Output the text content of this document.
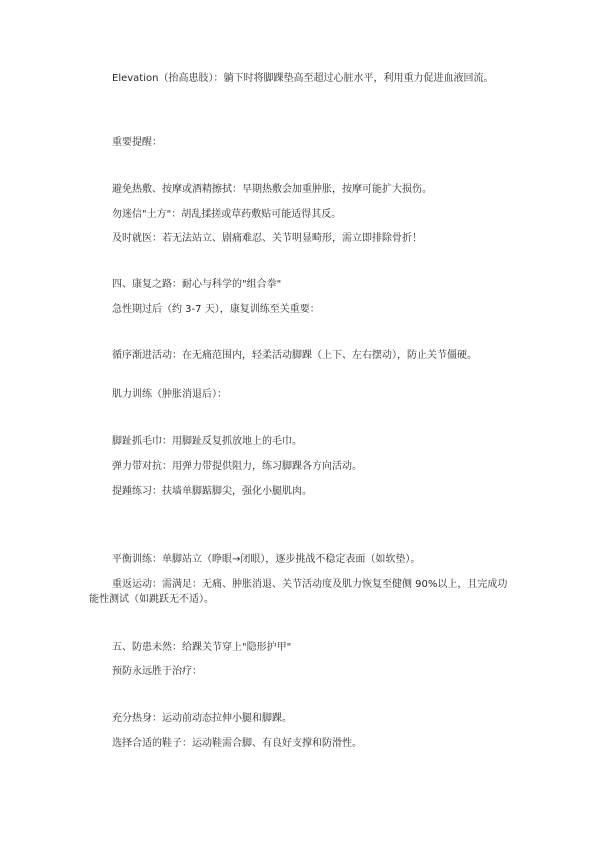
Elevation（抬高患肢）：躺下时将脚踝垫高至超过心脏水平，利用重力促进血液回流。

重要提醒：

避免热敷、按摩或酒精擦拭：早期热敷会加重肿胀，按摩可能扩大损伤。

勿迷信"土方"：胡乱揉搓或草药敷贴可能适得其反。

及时就医：若无法站立、剧痛难忍、关节明显畸形，需立即排除骨折！

四、康复之路：耐心与科学的"组合拳"

急性期过后（约 3-7 天），康复训练至关重要：

循序渐进活动：在无痛范围内，轻柔活动脚踝（上下、左右摆动），防止关节僵硬。

肌力训练（肿胀消退后）：

脚趾抓毛巾：用脚趾反复抓放地上的毛巾。

弹力带对抗：用弹力带提供阻力，练习脚踝各方向活动。

提踵练习：扶墙单脚踮脚尖，强化小腿肌肉。

平衡训练：单脚站立（睁眼→闭眼），逐步挑战不稳定表面（如软垫）。

重返运动：需满足：无痛、肿胀消退、关节活动度及肌力恢复至健侧 90%以上，且完成功能性测试（如跳跃无不适）。

五、防患未然：给踝关节穿上"隐形护甲"

预防永远胜于治疗：

充分热身：运动前动态拉伸小腿和脚踝。

选择合适的鞋子：运动鞋需合脚、有良好支撑和防滑性。
